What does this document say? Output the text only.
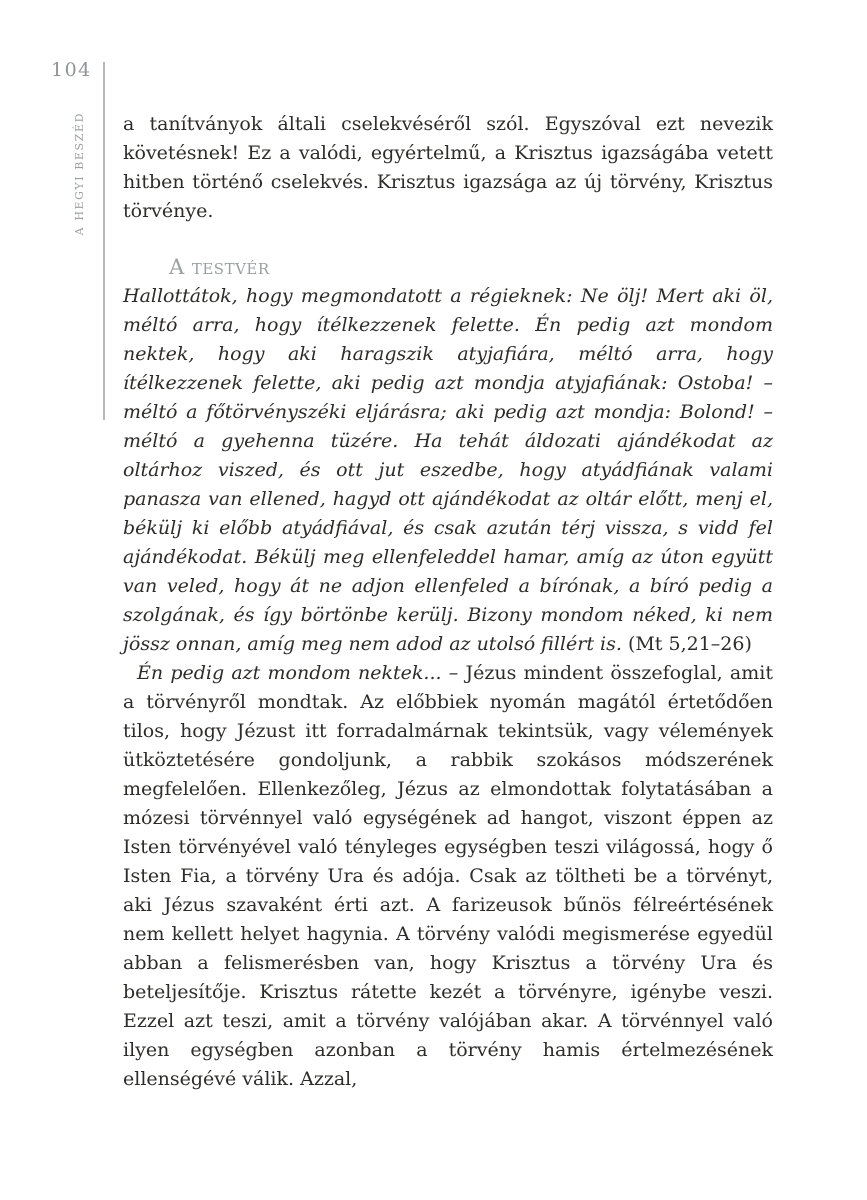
104
A HEGYI BESZÉD a tanítványok általi cselekvéséről szól. Egyszóval ezt nevezik követésnek! Ez a valódi, egyértelmű, a Krisztus igazságába vetett hitben történő cselekvés. Krisztus igazsága az új törvény, Krisztus törvénye.

A testvér

Hallottátok, hogy megmondatott a régieknek: Ne ölj! Mert aki öl, méltó arra, hogy ítélkezzenek felette. Én pedig azt mondom nektek, hogy aki haragszik atyjafiára, méltó arra, hogy ítélkezzenek felette, aki pedig azt mondja atyjafiának: Ostoba! – méltó a főtörvényszéki eljárásra; aki pedig azt mondja: Bolond! – méltó a gyehenna tüzére. Ha tehát áldozati ajándékodat az oltárhoz viszed, és ott jut eszedbe, hogy atyádfiának valami panasza van ellened, hagyd ott ajándékodat az oltár előtt, menj el, békülj ki előbb atyádfiával, és csak azután térj vissza, s vidd fel ajándékodat. Békülj meg ellenfeleddel hamar, amíg az úton együtt van veled, hogy át ne adjon ellenfeled a bírónak, a bíró pedig a szolgának, és így börtönbe kerülj. Bizony mondom néked, ki nem jössz onnan, amíg meg nem adod az utolsó fillért is. (Mt 5,21–26)

Én pedig azt mondom nektek... – Jézus mindent összefoglal, amit a törvényről mondtak. Az előbbiek nyomán magától értetődően tilos, hogy Jézust itt forradalmárnak tekintsük, vagy vélemények ütköztetésére gondoljunk, a rabbik szokásos módszerének megfelelően. Ellenkezőleg, Jézus az elmondottak folytatásában a mózesi törvénnyel való egységének ad hangot, viszont éppen az Isten törvényével való tényleges egységben teszi világossá, hogy ő Isten Fia, a törvény Ura és adója. Csak az töltheti be a törvényt, aki Jézus szavaként érti azt. A farizeusok bűnös félreértésének nem kellett helyet hagynia. A törvény valódi megismerése egyedül abban a felismerésben van, hogy Krisztus a törvény Ura és beteljesítője. Krisztus rátette kezét a törvényre, igénybe veszi. Ezzel azt teszi, amit a törvény valójában akar. A törvénnyel való ilyen egységben azonban a törvény hamis értelmezésének ellenségévé válik. Azzal,
